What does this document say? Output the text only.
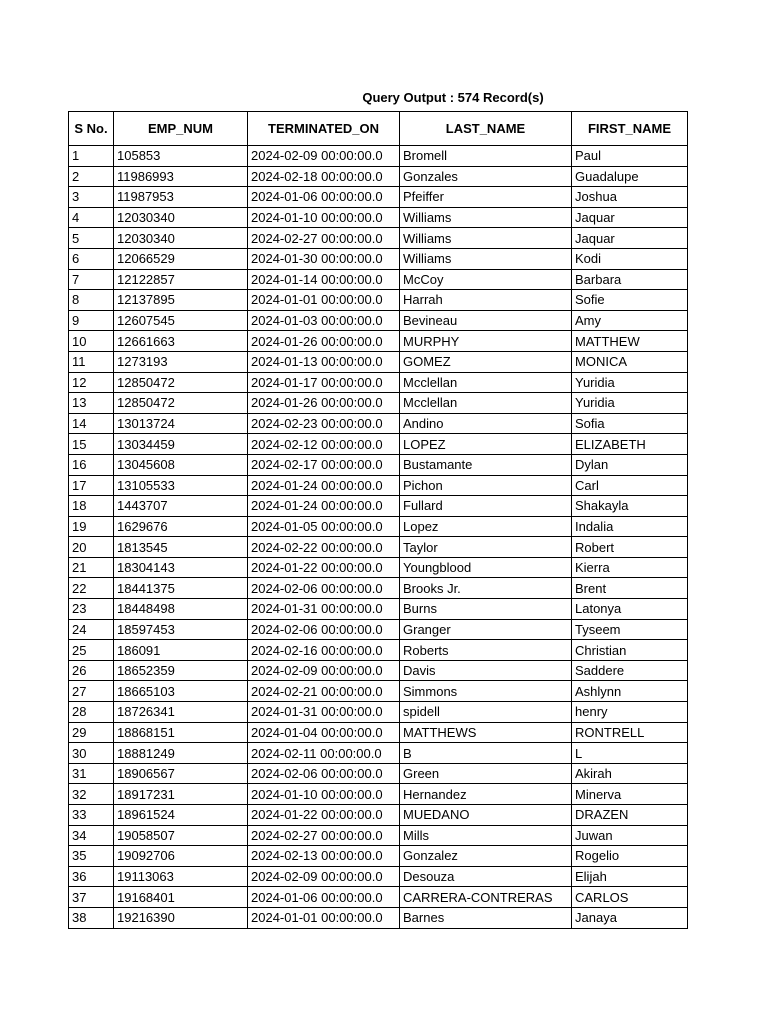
Query Output : 574 Record(s)
S No.	EMP_NUM	TERMINATED_ON	LAST_NAME	FIRST_NAME
1	105853	2024-02-09 00:00:00.0	Bromell	Paul
2	11986993	2024-02-18 00:00:00.0	Gonzales	Guadalupe
3	11987953	2024-01-06 00:00:00.0	Pfeiffer	Joshua
4	12030340	2024-01-10 00:00:00.0	Williams	Jaquar
5	12030340	2024-02-27 00:00:00.0	Williams	Jaquar
6	12066529	2024-01-30 00:00:00.0	Williams	Kodi
7	12122857	2024-01-14 00:00:00.0	McCoy	Barbara
8	12137895	2024-01-01 00:00:00.0	Harrah	Sofie
9	12607545	2024-01-03 00:00:00.0	Bevineau	Amy
10	12661663	2024-01-26 00:00:00.0	MURPHY	MATTHEW
11	1273193	2024-01-13 00:00:00.0	GOMEZ	MONICA
12	12850472	2024-01-17 00:00:00.0	Mcclellan	Yuridia
13	12850472	2024-01-26 00:00:00.0	Mcclellan	Yuridia
14	13013724	2024-02-23 00:00:00.0	Andino	Sofia
15	13034459	2024-02-12 00:00:00.0	LOPEZ	ELIZABETH
16	13045608	2024-02-17 00:00:00.0	Bustamante	Dylan
17	13105533	2024-01-24 00:00:00.0	Pichon	Carl
18	1443707	2024-01-24 00:00:00.0	Fullard	Shakayla
19	1629676	2024-01-05 00:00:00.0	Lopez	Indalia
20	1813545	2024-02-22 00:00:00.0	Taylor	Robert
21	18304143	2024-01-22 00:00:00.0	Youngblood	Kierra
22	18441375	2024-02-06 00:00:00.0	Brooks Jr.	Brent
23	18448498	2024-01-31 00:00:00.0	Burns	Latonya
24	18597453	2024-02-06 00:00:00.0	Granger	Tyseem
25	186091	2024-02-16 00:00:00.0	Roberts	Christian
26	18652359	2024-02-09 00:00:00.0	Davis	Saddere
27	18665103	2024-02-21 00:00:00.0	Simmons	Ashlynn
28	18726341	2024-01-31 00:00:00.0	spidell	henry
29	18868151	2024-01-04 00:00:00.0	MATTHEWS	RONTRELL
30	18881249	2024-02-11 00:00:00.0	B	L
31	18906567	2024-02-06 00:00:00.0	Green	Akirah
32	18917231	2024-01-10 00:00:00.0	Hernandez	Minerva
33	18961524	2024-01-22 00:00:00.0	MUEDANO	DRAZEN
34	19058507	2024-02-27 00:00:00.0	Mills	Juwan
35	19092706	2024-02-13 00:00:00.0	Gonzalez	Rogelio
36	19113063	2024-02-09 00:00:00.0	Desouza	Elijah
37	19168401	2024-01-06 00:00:00.0	CARRERA-CONTRERAS	CARLOS
38	19216390	2024-01-01 00:00:00.0	Barnes	Janaya
